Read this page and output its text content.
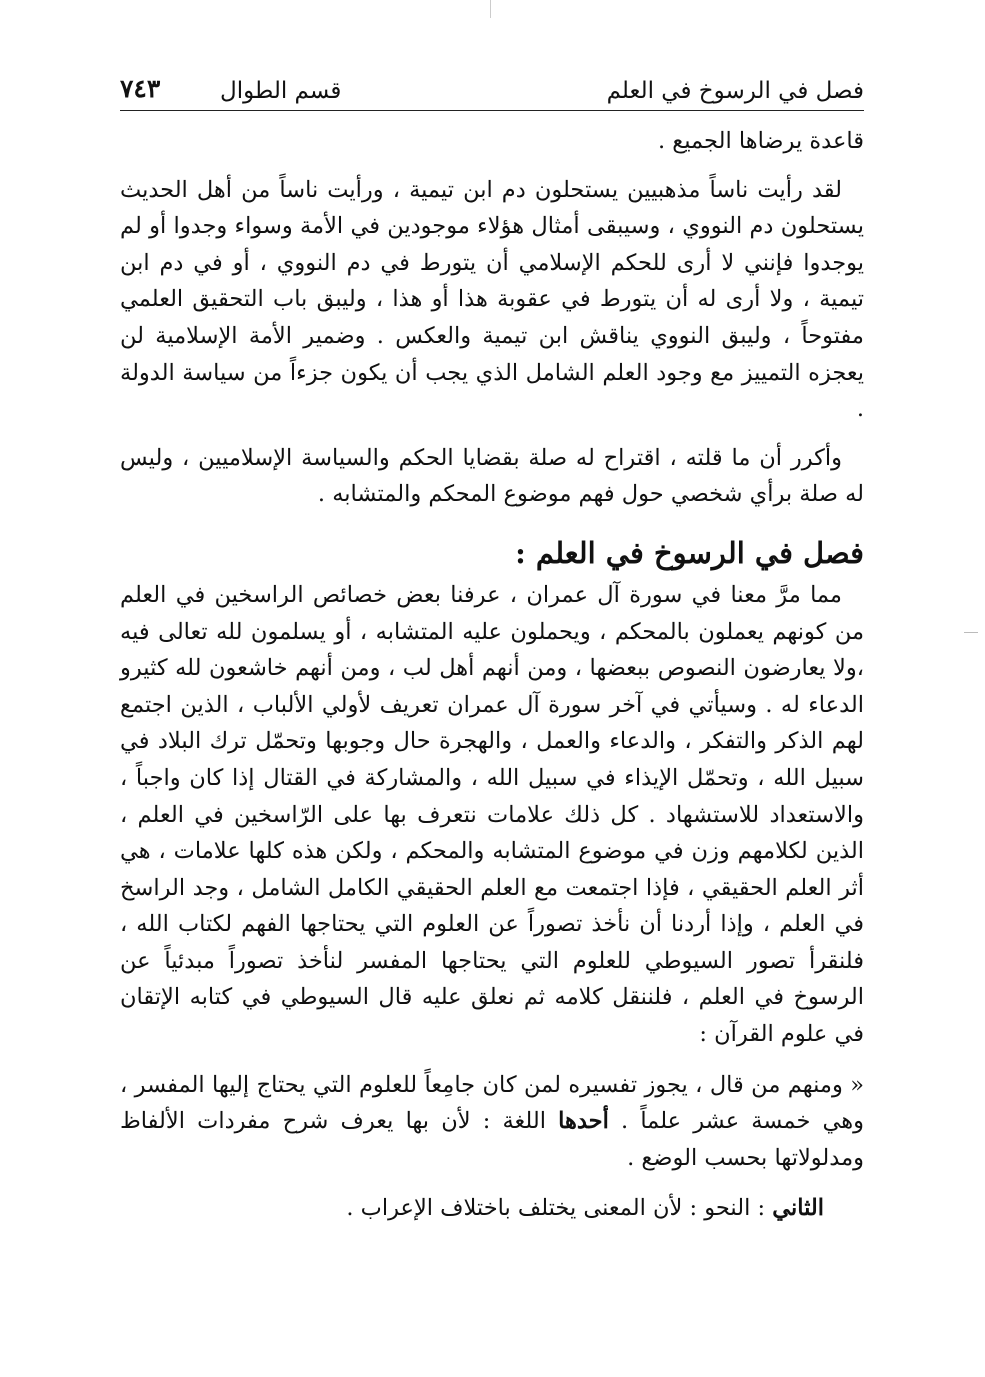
فصل في الرسوخ في العلم
قسم الطوال
٧٤٣

قاعدة يرضاها الجميع .

لقد رأيت ناساً مذهبيين يستحلون دم ابن تيمية ، ورأيت ناساً من أهل الحديث يستحلون دم النووي ، وسيبقى أمثال هؤلاء موجودين في الأمة وسواء وجدوا أو لم يوجدوا فإنني لا أرى للحكم الإسلامي أن يتورط في دم النووي ، أو في دم ابن تيمية ، ولا أرى له أن يتورط في عقوبة هذا أو هذا ، وليبق باب التحقيق العلمي مفتوحاً ، وليبق النووي يناقش ابن تيمية والعكس . وضمير الأمة الإسلامية لن يعجزه التمييز مع وجود العلم الشامل الذي يجب أن يكون جزءاً من سياسة الدولة .

وأكرر أن ما قلته ، اقتراح له صلة بقضايا الحكم والسياسة الإسلاميين ، وليس له صلة برأي شخصي حول فهم موضوع المحكم والمتشابه .

فصل في الرسوخ في العلم :

مما مرَّ معنا في سورة آل عمران ، عرفنا بعض خصائص الراسخين في العلم من كونهم يعملون بالمحكم ، ويحملون عليه المتشابه ، أو يسلمون لله تعالى فيه ،ولا يعارضون النصوص ببعضها ، ومن أنهم أهل لب ، ومن أنهم خاشعون لله كثيرو الدعاء له . وسيأتي في آخر سورة آل عمران تعريف لأولي الألباب ، الذين اجتمع لهم الذكر والتفكر ، والدعاء والعمل ، والهجرة حال وجوبها وتحمّل ترك البلاد في سبيل الله ، وتحمّل الإيذاء في سبيل الله ، والمشاركة في القتال إذا كان واجباً ، والاستعداد للاستشهاد . كل ذلك علامات نتعرف بها على الرّاسخين في العلم ، الذين لكلامهم وزن في موضوع المتشابه والمحكم ، ولكن هذه كلها علامات ، هي أثر العلم الحقيقي ، فإذا اجتمعت مع العلم الحقيقي الكامل الشامل ، وجد الراسخ في العلم ، وإذا أردنا أن نأخذ تصوراً عن العلوم التي يحتاجها الفهم لكتاب الله ، فلنقرأ تصور السيوطي للعلوم التي يحتاجها المفسر لنأخذ تصوراً مبدئياً عن الرسوخ في العلم ، فلننقل كلامه ثم نعلق عليه قال السيوطي في كتابه الإتقان في علوم القرآن :

« ومنهم من قال ، يجوز تفسيره لمن كان جامِعاً للعلوم التي يحتاج إليها المفسر ، وهي خمسة عشر علماً . أحدها اللغة : لأن بها يعرف شرح مفردات الألفاظ ومدلولاتها بحسب الوضع .

الثاني : النحو : لأن المعنى يختلف باختلاف الإعراب .
